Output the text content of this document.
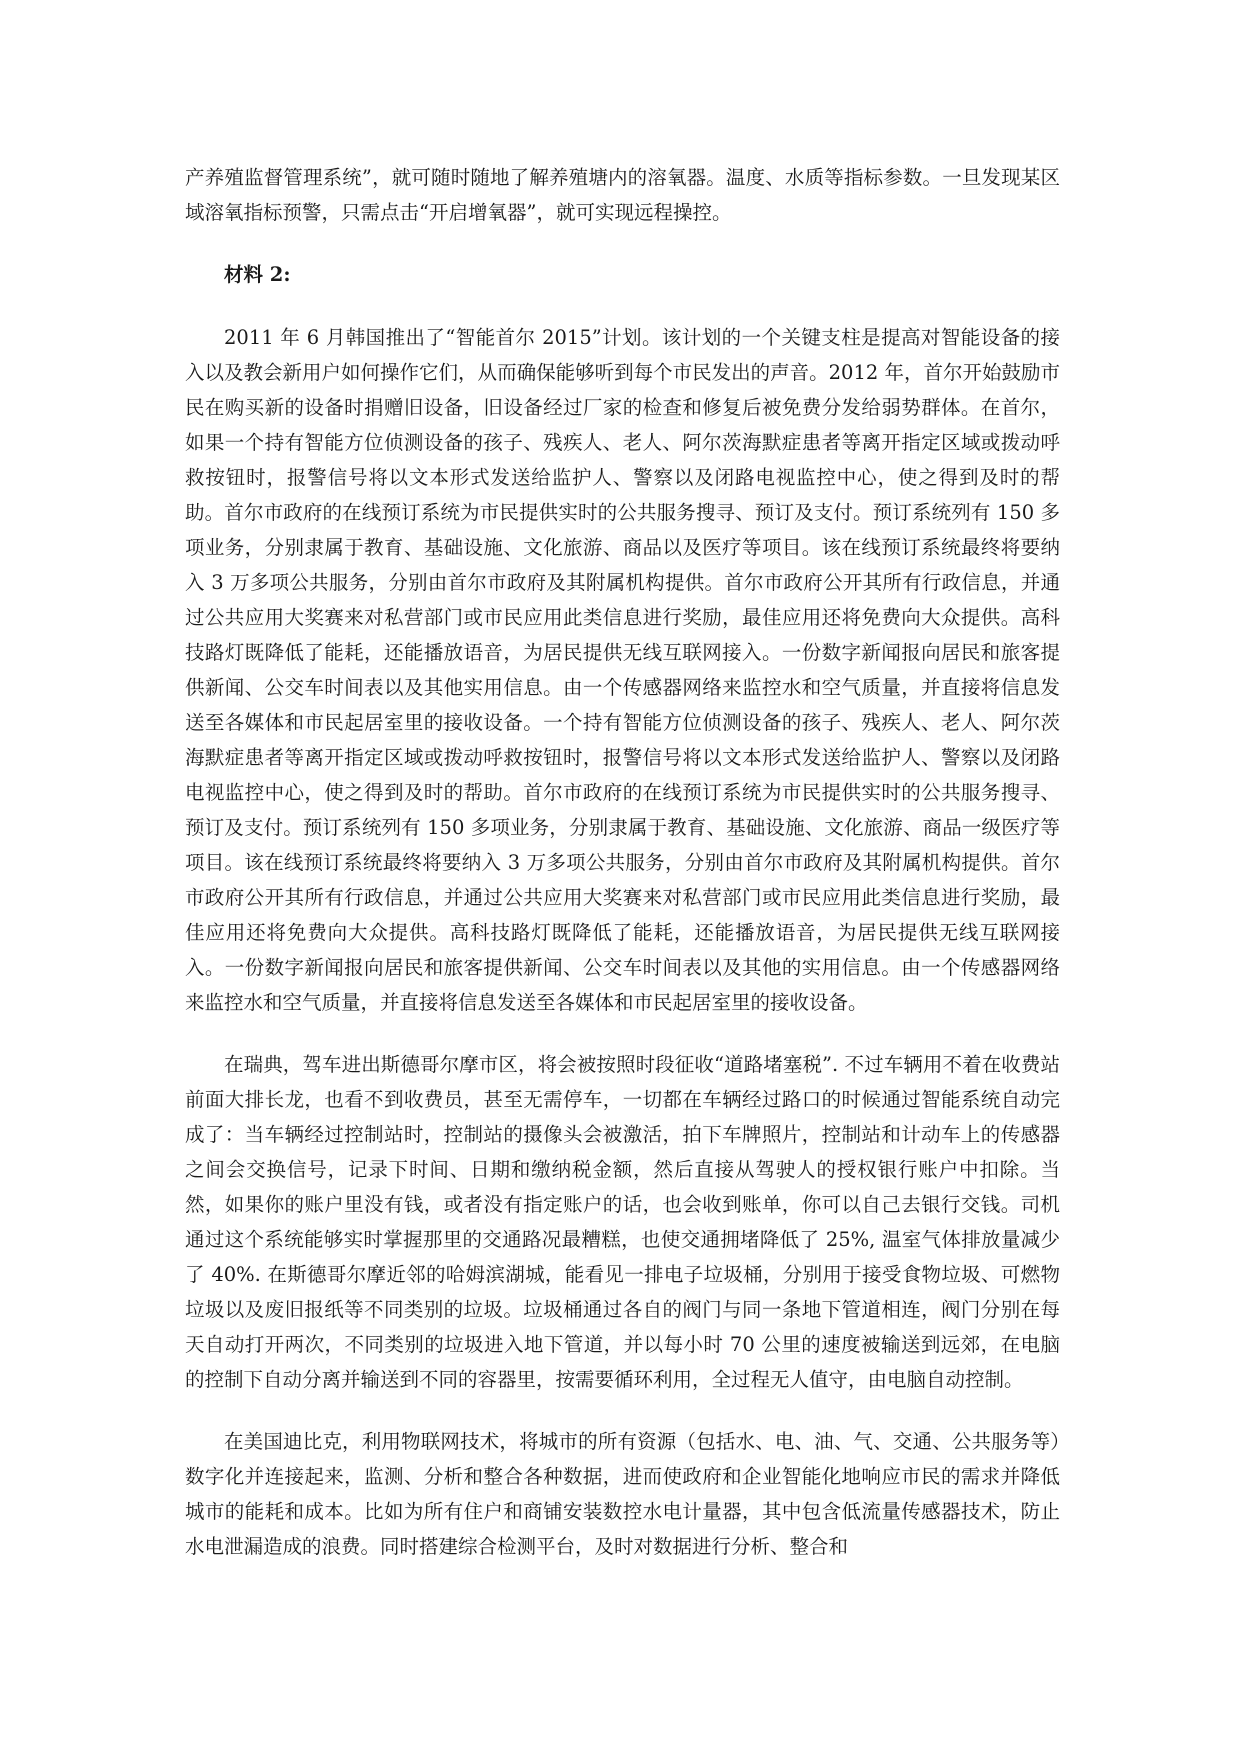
产养殖监督管理系统”，就可随时随地了解养殖塘内的溶氧器。温度、水质等指标参数。一旦发现某区域溶氧指标预警，只需点击“开启增氧器”，就可实现远程操控。

材料 2:

2011 年 6 月韩国推出了“智能首尔 2015”计划。该计划的一个关键支柱是提高对智能设备的接入以及教会新用户如何操作它们，从而确保能够听到每个市民发出的声音。2012 年，首尔开始鼓励市民在购买新的设备时捐赠旧设备，旧设备经过厂家的检查和修复后被免费分发给弱势群体。在首尔，如果一个持有智能方位侦测设备的孩子、残疾人、老人、阿尔茨海默症患者等离开指定区域或拨动呼救按钮时，报警信号将以文本形式发送给监护人、警察以及闭路电视监控中心，使之得到及时的帮助。首尔市政府的在线预订系统为市民提供实时的公共服务搜寻、预订及支付。预订系统列有 150 多项业务，分别隶属于教育、基础设施、文化旅游、商品以及医疗等项目。该在线预订系统最终将要纳入 3 万多项公共服务，分别由首尔市政府及其附属机构提供。首尔市政府公开其所有行政信息，并通过公共应用大奖赛来对私营部门或市民应用此类信息进行奖励，最佳应用还将免费向大众提供。高科技路灯既降低了能耗，还能播放语音，为居民提供无线互联网接入。一份数字新闻报向居民和旅客提供新闻、公交车时间表以及其他实用信息。由一个传感器网络来监控水和空气质量，并直接将信息发送至各媒体和市民起居室里的接收设备。一个持有智能方位侦测设备的孩子、残疾人、老人、阿尔茨海默症患者等离开指定区域或拨动呼救按钮时，报警信号将以文本形式发送给监护人、警察以及闭路电视监控中心，使之得到及时的帮助。首尔市政府的在线预订系统为市民提供实时的公共服务搜寻、预订及支付。预订系统列有 150 多项业务，分别隶属于教育、基础设施、文化旅游、商品一级医疗等项目。该在线预订系统最终将要纳入 3 万多项公共服务，分别由首尔市政府及其附属机构提供。首尔市政府公开其所有行政信息，并通过公共应用大奖赛来对私营部门或市民应用此类信息进行奖励，最佳应用还将免费向大众提供。高科技路灯既降低了能耗，还能播放语音，为居民提供无线互联网接入。一份数字新闻报向居民和旅客提供新闻、公交车时间表以及其他的实用信息。由一个传感器网络来监控水和空气质量，并直接将信息发送至各媒体和市民起居室里的接收设备。

在瑞典，驾车进出斯德哥尔摩市区，将会被按照时段征收“道路堵塞税”. 不过车辆用不着在收费站前面大排长龙，也看不到收费员，甚至无需停车，一切都在车辆经过路口的时候通过智能系统自动完成了：当车辆经过控制站时，控制站的摄像头会被激活，拍下车牌照片，控制站和计动车上的传感器之间会交换信号，记录下时间、日期和缴纳税金额，然后直接从驾驶人的授权银行账户中扣除。当然，如果你的账户里没有钱，或者没有指定账户的话，也会收到账单，你可以自己去银行交钱。司机通过这个系统能够实时掌握那里的交通路况最糟糕，也使交通拥堵降低了 25%, 温室气体排放量减少了 40%. 在斯德哥尔摩近邻的哈姆滨湖城，能看见一排电子垃圾桶，分别用于接受食物垃圾、可燃物垃圾以及废旧报纸等不同类别的垃圾。垃圾桶通过各自的阀门与同一条地下管道相连，阀门分别在每天自动打开两次，不同类别的垃圾进入地下管道，并以每小时 70 公里的速度被输送到远郊，在电脑的控制下自动分离并输送到不同的容器里，按需要循环利用，全过程无人值守，由电脑自动控制。

在美国迪比克，利用物联网技术，将城市的所有资源（包括水、电、油、气、交通、公共服务等）数字化并连接起来，监测、分析和整合各种数据，进而使政府和企业智能化地响应市民的需求并降低城市的能耗和成本。比如为所有住户和商铺安装数控水电计量器，其中包含低流量传感器技术，防止水电泄漏造成的浪费。同时搭建综合检测平台，及时对数据进行分析、整合和
